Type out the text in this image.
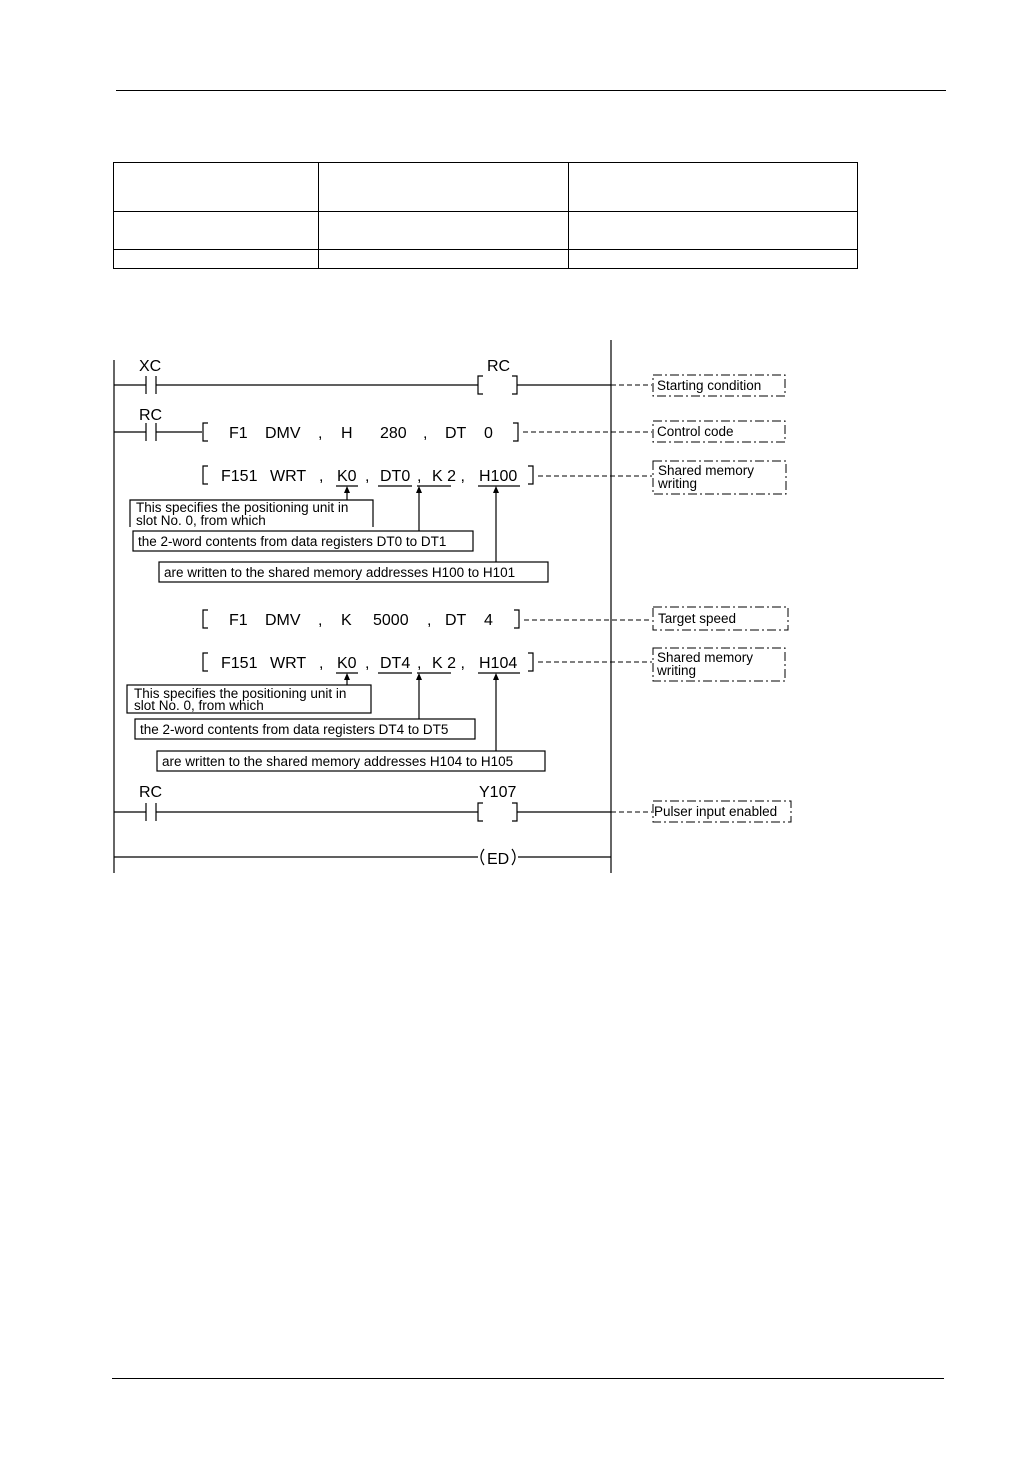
XC	RC
RC
RC	Y107
ED
F1 DMV , H 280 , DT 0
F151 WRT , K0 , DT0 , K 2 , H100
This specifies the positioning unit in
slot No. 0, from which
the 2-word contents from data registers DT0 to DT1
are written to the shared memory addresses H100 to H101
F1 DMV , K 5000 , DT 4
F151 WRT , K0 , DT4 , K 2 , H104
This specifies the positioning unit in
slot No. 0, from which
the 2-word contents from data registers DT4 to DT5
are written to the shared memory addresses H104 to H105
Starting condition
Control code
Shared memory
writing
Target speed
Shared memory
writing
Pulser input enabled
